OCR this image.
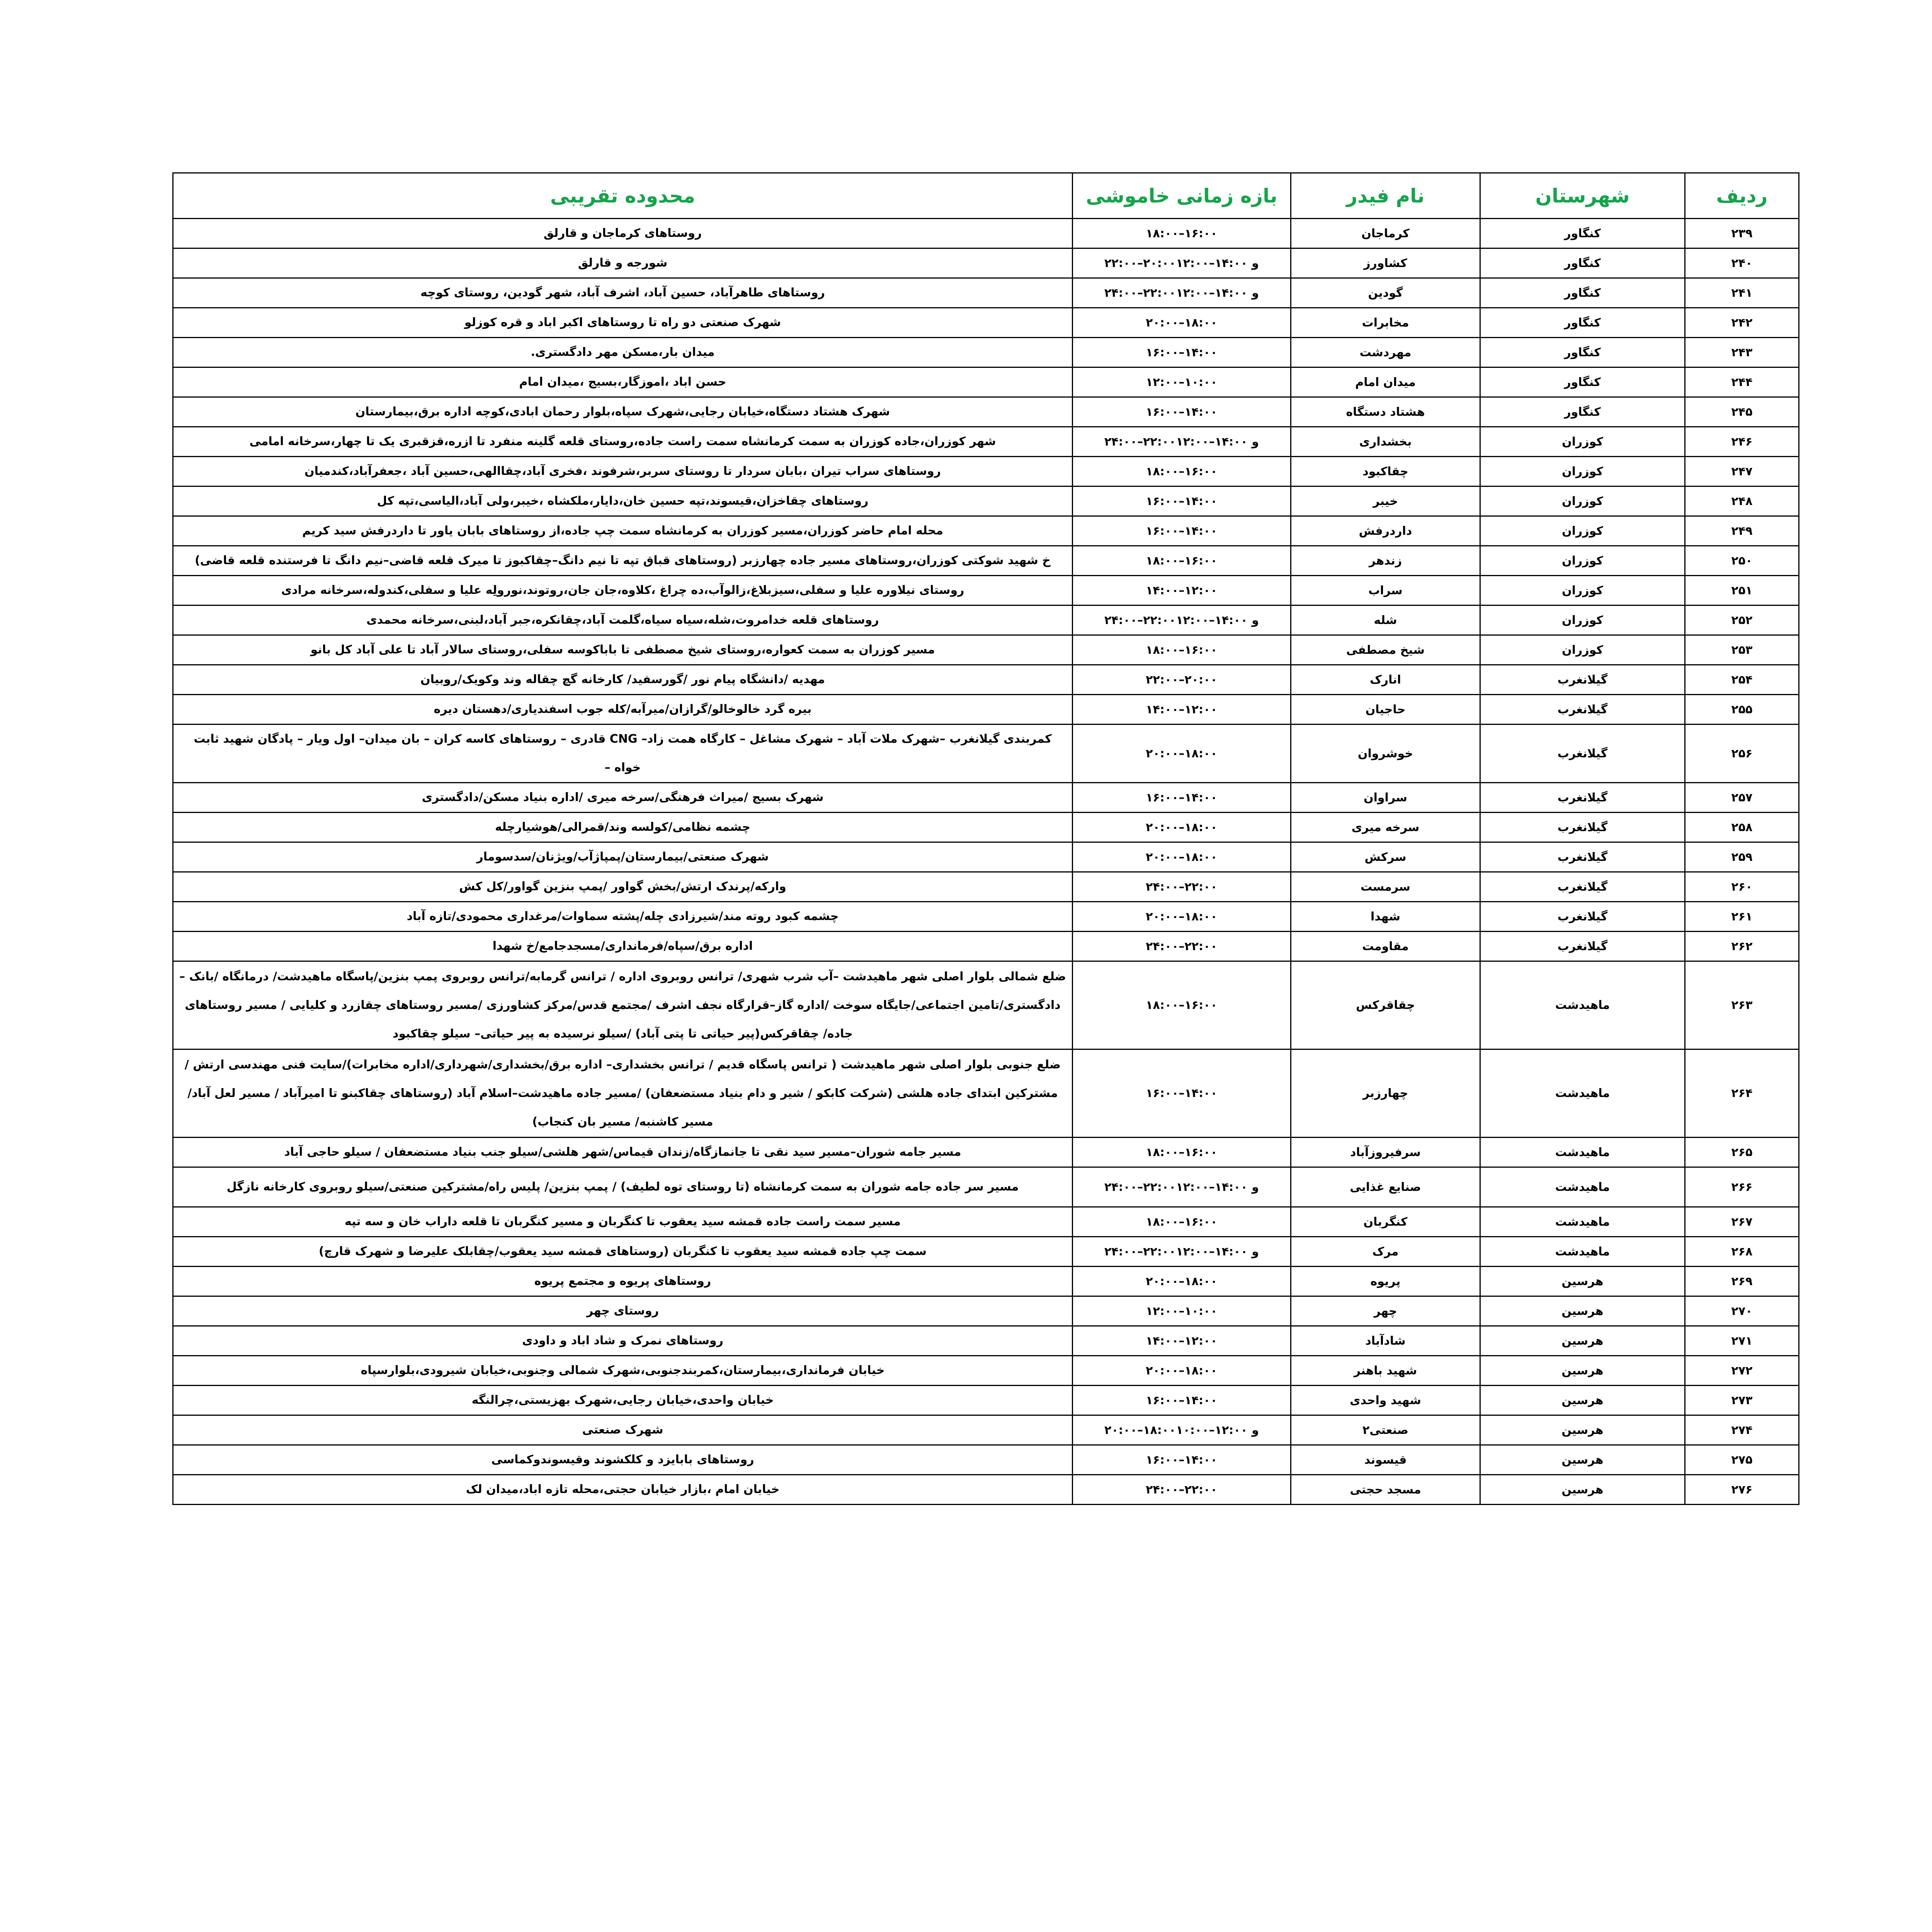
ردیف	شهرستان	نام فیدر	بازه زمانی خاموشی	محدوده تقریبی
۲۳۹	کنگاور	کرماجان	۱۸:۰۰–۱۶:۰۰	روستاهای کرماجان و قارلق
۲۴۰	کنگاور	کشاورز	۲۲:۰۰–۲۰:۰۰و ۱۴:۰۰–۱۲:۰۰	شورجه و قارلق
۲۴۱	کنگاور	گودین	۲۴:۰۰–۲۲:۰۰و ۱۴:۰۰–۱۲:۰۰	روستاهای طاهرآباد، حسین آباد، اشرف آباد، شهر گودین، روستای کوچه
۲۴۲	کنگاور	مخابرات	۲۰:۰۰–۱۸:۰۰	شهرک صنعتی دو راه تا روستاهای اکبر اباد و قره کوزلو
۲۴۳	کنگاور	مهردشت	۱۶:۰۰–۱۴:۰۰	میدان بار،مسکن مهر دادگستری.
۲۴۴	کنگاور	میدان امام	۱۲:۰۰–۱۰:۰۰	حسن اباد ،اموزگار،بسیج ،میدان امام
۲۴۵	کنگاور	هشتاد دستگاه	۱۶:۰۰–۱۴:۰۰	شهرک هشتاد دستگاه،خیابان رجایی،شهرک سپاه،بلوار رحمان ابادی،کوچه اداره برق،بیمارستان
۲۴۶	کوزران	بخشداری	۲۴:۰۰–۲۲:۰۰و ۱۴:۰۰–۱۲:۰۰	شهر کوزران،جاده کوزران به سمت کرمانشاه سمت راست جاده،روستای قلعه گلینه منفرد تا ازره،قزقبری یک تا چهار،سرخانه امامی
۲۴۷	کوزران	چقاکبود	۱۸:۰۰–۱۶:۰۰	روستاهای سراب تیران ،بابان سردار تا روستای سربر،شرفوند ،فخری آباد،چقاالهی،حسین آباد ،جعفرآباد،کندمیان
۲۴۸	کوزران	خیبر	۱۶:۰۰–۱۴:۰۰	روستاهای چقاخزان،قیسوند،تپه حسین خان،دایار،ملکشاه ،خیبر،ولی آباد،الیاسی،تپه کل
۲۴۹	کوزران	داردرفش	۱۶:۰۰–۱۴:۰۰	محله امام حاضر کوزران،مسیر کوزران به کرمانشاه سمت چپ جاده،از روستاهای بابان یاور تا داردرفش سید کریم
۲۵۰	کوزران	زندهر	۱۸:۰۰–۱۶:۰۰	خ شهید شوکتی کوزران،روستاهای مسیر جاده چهارزبر (روستاهای قباق تپه تا نیم دانگ–چقاکبوز تا میرک قلعه قاضی–نیم دانگ تا فرستنده قلعه قاضی)
۲۵۱	کوزران	سراب	۱۴:۰۰–۱۲:۰۰	روستای نیلاوره علیا و سفلی،سیزبلاغ،زالوآب،ده چراغ ،کلاوه،جان جان،روتوند،نورولِه علیا و سفلی،کندوله،سرخانه مرادی
۲۵۲	کوزران	شله	۲۴:۰۰–۲۲:۰۰و ۱۴:۰۰–۱۲:۰۰	روستاهای قلعه خدامروت،شله،سیاه سیاه،گلمت آباد،چقانکره،جبر آباد،لبنی،سرخانه محمدی
۲۵۳	کوزران	شیخ مصطفی	۱۸:۰۰–۱۶:۰۰	مسیر کوزران به سمت کعواره،روستای شیخ مصطفی تا باباکوسه سفلی،روستای سالار آباد تا علی آباد کل بانو
۲۵۴	گیلانغرب	انارک	۲۲:۰۰–۲۰:۰۰	مهدیه /دانشگاه پیام نور /گورسفید/ کارخانه گچ چقاله وند وکویک/روبیان
۲۵۵	گیلانغرب	حاجیان	۱۴:۰۰–۱۲:۰۰	بیره گرد خالوخالو/گرازان/میرآبه/کله جوب اسفندیاری/دهستان دیره
۲۵۶	گیلانغرب	خوشروان	۲۰:۰۰–۱۸:۰۰	کمربندی گیلانغرب –شهرک ملات آباد – شهرک مشاغل – کارگاه همت زاد– CNG قادری – روستاهای کاسه کران – بان میدان– اول ویار – پادگان شهید ثابت خواه –
۲۵۷	گیلانغرب	سراوان	۱۶:۰۰–۱۴:۰۰	شهرک بسیج /میراث فرهنگی/سرخه میری /اداره بنیاد مسکن/دادگستری
۲۵۸	گیلانغرب	سرخه میری	۲۰:۰۰–۱۸:۰۰	چشمه نظامی/کولسه وند/قمرالی/هوشیارچله
۲۵۹	گیلانغرب	سرکش	۲۰:۰۰–۱۸:۰۰	شهرک صنعتی/بیمارستان/پمپاژآب/ویژنان/سدسومار
۲۶۰	گیلانغرب	سرمست	۲۴:۰۰–۲۲:۰۰	وارکه/پرندک ارتش/بخش گواور /پمپ بنزین گواور/کل کش
۲۶۱	گیلانغرب	شهدا	۲۰:۰۰–۱۸:۰۰	چشمه کبود روته مند/شیرزادی چله/پشته سماوات/مرغداری محمودی/تازه آباد
۲۶۲	گیلانغرب	مقاومت	۲۴:۰۰–۲۲:۰۰	اداره برق/سپاه/فرمانداری/مسجدجامع/خ شهدا
۲۶۳	ماهیدشت	چقاقرکس	۱۸:۰۰–۱۶:۰۰	ضلع شمالی بلوار اصلی شهر ماهیدشت –آب شرب شهری/ ترانس روبروی اداره / ترانس گرمابه/ترانس روبروی پمپ بنزین/پاسگاه ماهیدشت/ درمانگاه /بانک – دادگستری/تامین اجتماعی/جایگاه سوخت /اداره گاز–قرارگاه نجف اشرف /مجتمع قدس/مرکز کشاورزی /مسیر روستاهای چقازرد و کلیایی / مسیر روستاهای جاده/ چقاقرکس(پیر حیاتی تا پتی آباد) /سیلو نرسیده به پیر حیاتی– سیلو چقاکبود
۲۶۴	ماهیدشت	چهارزبر	۱۶:۰۰–۱۴:۰۰	ضلع جنوبی بلوار اصلی شهر ماهیدشت ( ترانس پاسگاه قدیم / ترانس بخشداری– اداره برق/بخشداری/شهرداری/اداره مخابرات)/سایت فنی مهندسی ارتش / مشترکین ابتدای جاده هلشی (شرکت کابکو / شیر و دام بنیاد مستضعفان) /مسیر جاده ماهیدشت–اسلام آباد (روستاهای چقاکبنو تا امیرآباد / مسیر لعل آباد/مسیر کاشنبه/ مسیر بان کنجاب)
۲۶۵	ماهیدشت	سرفیروزآباد	۱۸:۰۰–۱۶:۰۰	مسیر جامه شوران–مسیر سید نقی تا جانمازگاه/زندان قیماس/شهر هلشی/سیلو جنب بنیاد مستضعفان / سیلو حاجی آباد
۲۶۶	ماهیدشت	صنایع غذایی	۲۴:۰۰–۲۲:۰۰و ۱۴:۰۰–۱۲:۰۰	مسیر سر جاده جامه شوران به سمت کرمانشاه (تا روستای توه لطیف) / پمپ بنزین/ پلیس راه/مشترکین صنعتی/سیلو روبروی کارخانه نازگل
۲۶۷	ماهیدشت	کنگربان	۱۸:۰۰–۱۶:۰۰	مسیر سمت راست جاده قمشه سید یعقوب تا کنگربان و مسیر کنگربان تا قلعه داراب خان و سه تپه
۲۶۸	ماهیدشت	مرک	۲۴:۰۰–۲۲:۰۰و ۱۴:۰۰–۱۲:۰۰	سمت چپ جاده قمشه سید یعقوب تا کنگربان (روستاهای قمشه سید یعقوب/چقابلک علیرضا و شهرک قارچ)
۲۶۹	هرسین	پریوه	۲۰:۰۰–۱۸:۰۰	روستاهای پریوه و مجتمع پریوه
۲۷۰	هرسین	چهر	۱۲:۰۰–۱۰:۰۰	روستای چهر
۲۷۱	هرسین	شادآباد	۱۴:۰۰–۱۲:۰۰	روستاهای نمرک و شاد اباد و داودی
۲۷۲	هرسین	شهید باهنر	۲۰:۰۰–۱۸:۰۰	خیابان فرمانداری،بیمارستان،کمربندجنوبی،شهرک شمالی وجنوبی،خیابان شیرودی،بلوارسپاه
۲۷۳	هرسین	شهید واحدی	۱۶:۰۰–۱۴:۰۰	خیابان واحدی،خیابان رجایی،شهرک بهزیستی،چرالنگه
۲۷۴	هرسین	صنعتی۲	۲۰:۰۰–۱۸:۰۰و ۱۲:۰۰–۱۰:۰۰	شهرک صنعتی
۲۷۵	هرسین	قیسوند	۱۶:۰۰–۱۴:۰۰	روستاهای بابایزد و کلکشوند وقیسوندوکماسی
۲۷۶	هرسین	مسجد حجتی	۲۴:۰۰–۲۲:۰۰	خیابان امام ،بازار خیابان حجتی،محله تازه اباد،میدان لک
